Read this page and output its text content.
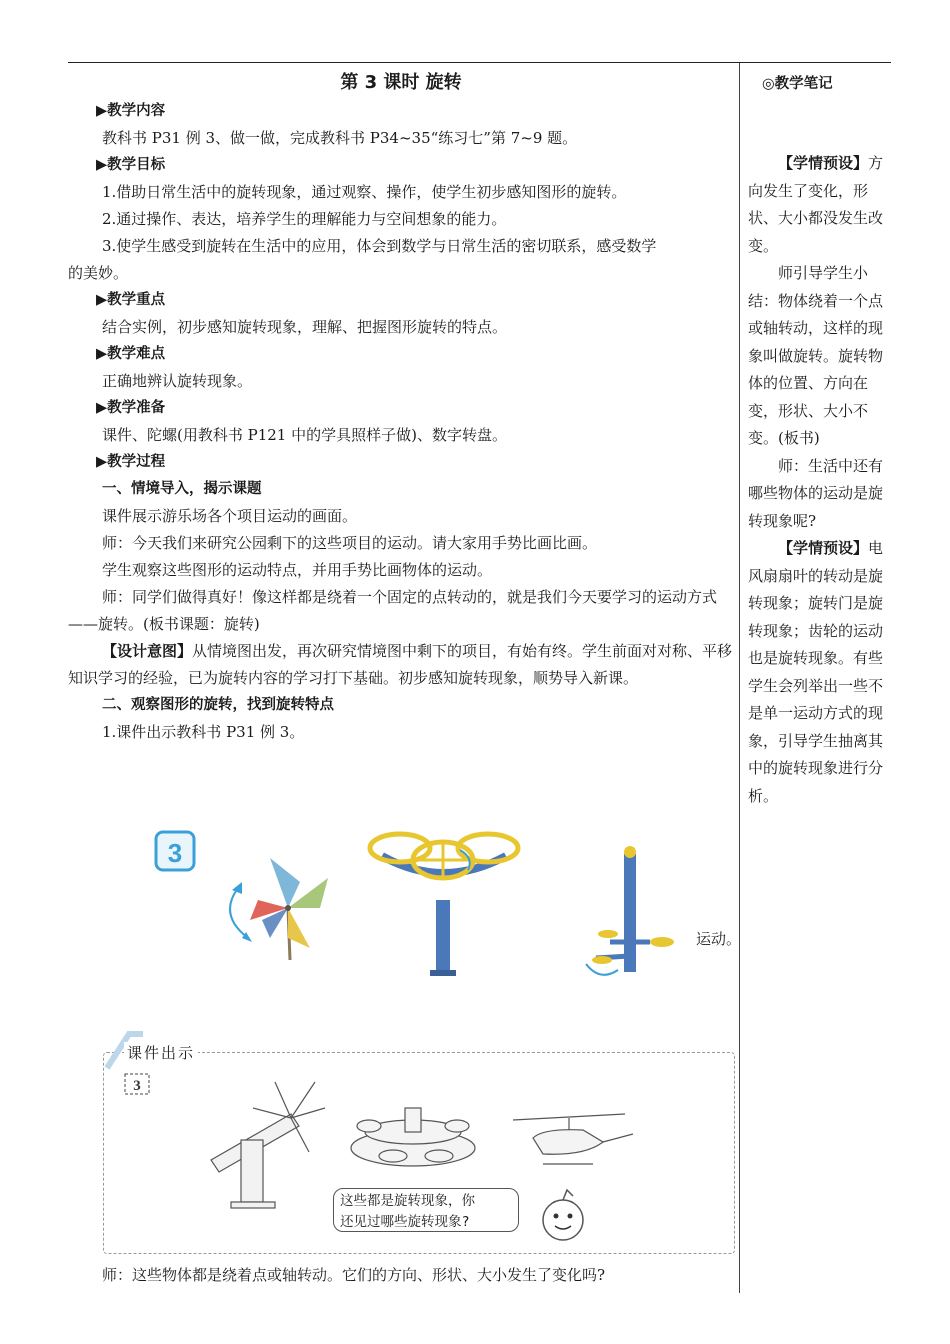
第 3 课时 旋转
▶教学内容
教科书 P31 例 3、做一做，完成教科书 P34~35“练习七”第 7~9 题。
▶教学目标
1.借助日常生活中的旋转现象，通过观察、操作，使学生初步感知图形的旋转。
2.通过操作、表达，培养学生的理解能力与空间想象的能力。
3.使学生感受到旋转在生活中的应用，体会到数学与日常生活的密切联系，感受数学
的美妙。
▶教学重点
结合实例，初步感知旋转现象，理解、把握图形旋转的特点。
▶教学难点
正确地辨认旋转现象。
▶教学准备
课件、陀螺(用教科书 P121 中的学具照样子做)、数字转盘。
▶教学过程
一、情境导入，揭示课题
课件展示游乐场各个项目运动的画面。
师：今天我们来研究公园剩下的这些项目的运动。请大家用手势比画比画。
学生观察这些图形的运动特点，并用手势比画物体的运动。
师：同学们做得真好！像这样都是绕着一个固定的点转动的，就是我们今天要学习的运动方式——旋转。(板书课题：旋转)
【设计意图】从情境图出发，再次研究情境图中剩下的项目，有始有终。学生前面对对称、平移知识学习的经验，已为旋转内容的学习打下基础。初步感知旋转现象，顺势导入新课。
二、观察图形的旋转，找到旋转特点
1.课件出示教科书 P31 例 3。
◎教学笔记

【学情预设】方向发生了变化，形状、大小都没发生改变。

师引导学生小结：物体绕着一个点或轴转动，这样的现象叫做旋转。旋转物体的位置、方向在变，形状、大小不变。(板书)

师：生活中还有哪些物体的运动是旋转现象呢?

【学情预设】电风扇扇叶的转动是旋转现象；旋转门是旋转现象；齿轮的运动也是旋转现象。有些学生会列举出一些不是单一运动方式的现象，引导学生抽离其中的旋转现象进行分析。

3
运动。
3
课件出示
这些都是旋转现象，你
还见过哪些旋转现象?
师：这些物体都是绕着点或轴转动。它们的方向、形状、大小发生了变化吗?
